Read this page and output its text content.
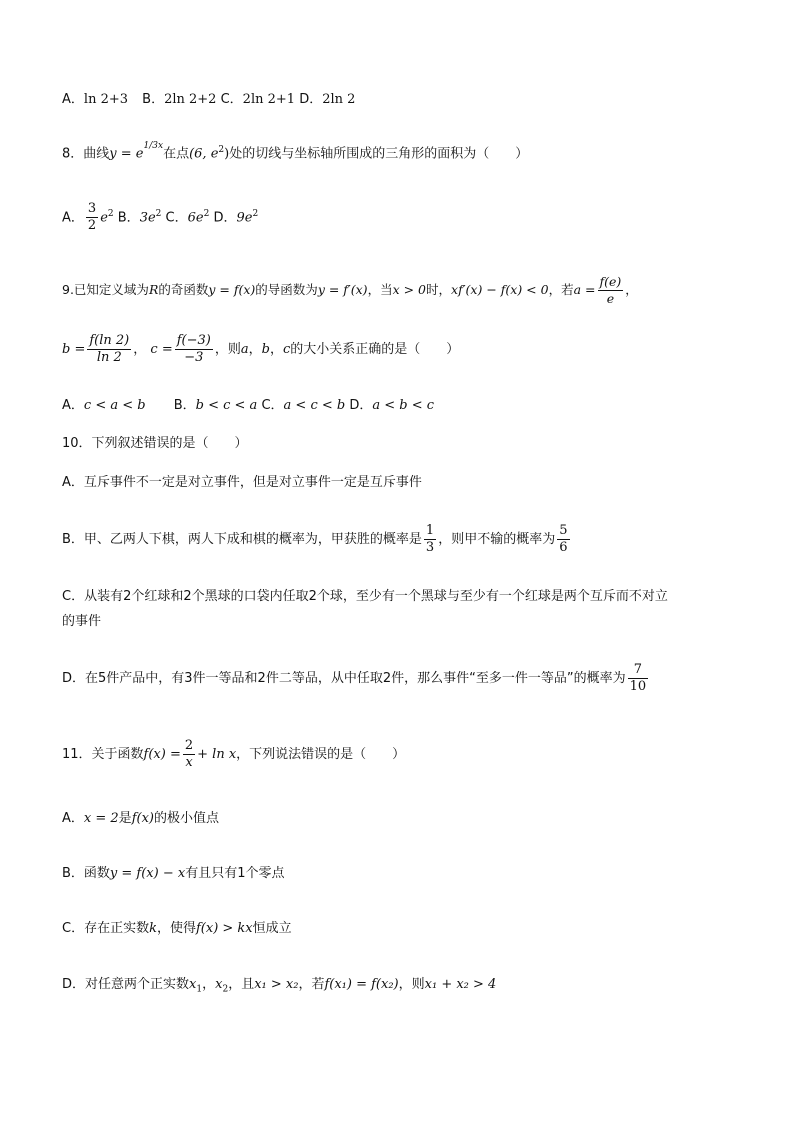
A．ln 2+3 B．2ln 2+2 C．2ln 2+1 D．2ln 2
8．曲线$y = e^{1/3x}$在点(6, $e^2$)处的切线与坐标轴所围成的三角形的面积为（　　）
A． $\frac{3}{2} e^2$ B．$3e^2$ C．$6e^2$ D．$9e^2$
9.已知定义域为R的奇函数y = f(x)的导函数为y = f′(x)，当x > 0时，xf′(x) − f(x) < 0，若$a = \frac{f(e)}{e}$ ，
$b = \frac{f(\ln 2)}{\ln 2}$ ， $c = \frac{f(-3)}{-3}$ ，则a，b，c的大小关系正确的是（　　）
A．c < a < b B．b < c < a C．a < c < b D．a < b < c
10．下列叙述错误的是（　　）
A．互斥事件不一定是对立事件，但是对立事件一定是互斥事件
B．甲、乙两人下棋，两人下成和棋的概率为，甲获胜的概率是 $\frac{1}{3}$ ，则甲不输的概率为 $\frac{5}{6}$
C．从装有2个红球和2个黑球的口袋内任取2个球，至少有一个黑球与至少有一个红球是两个互斥而不对立
的事件
D．在5件产品中，有3件一等品和2件二等品，从中任取2件，那么事件“至多一件一等品”的概率为 $\frac{7}{10}$
11．关于函数$f(x) = \frac{2}{x} + \ln x$，下列说法错误的是（　　）
A．x = 2是f(x)的极小值点
B．函数y = f(x) − x有且只有1个零点
C．存在正实数k，使得f(x) > kx恒成立
D．对任意两个正实数$x_1$，$x_2$，且x₁ > x₂，若f(x₁) = f(x₂)，则x₁ + x₂ > 4
